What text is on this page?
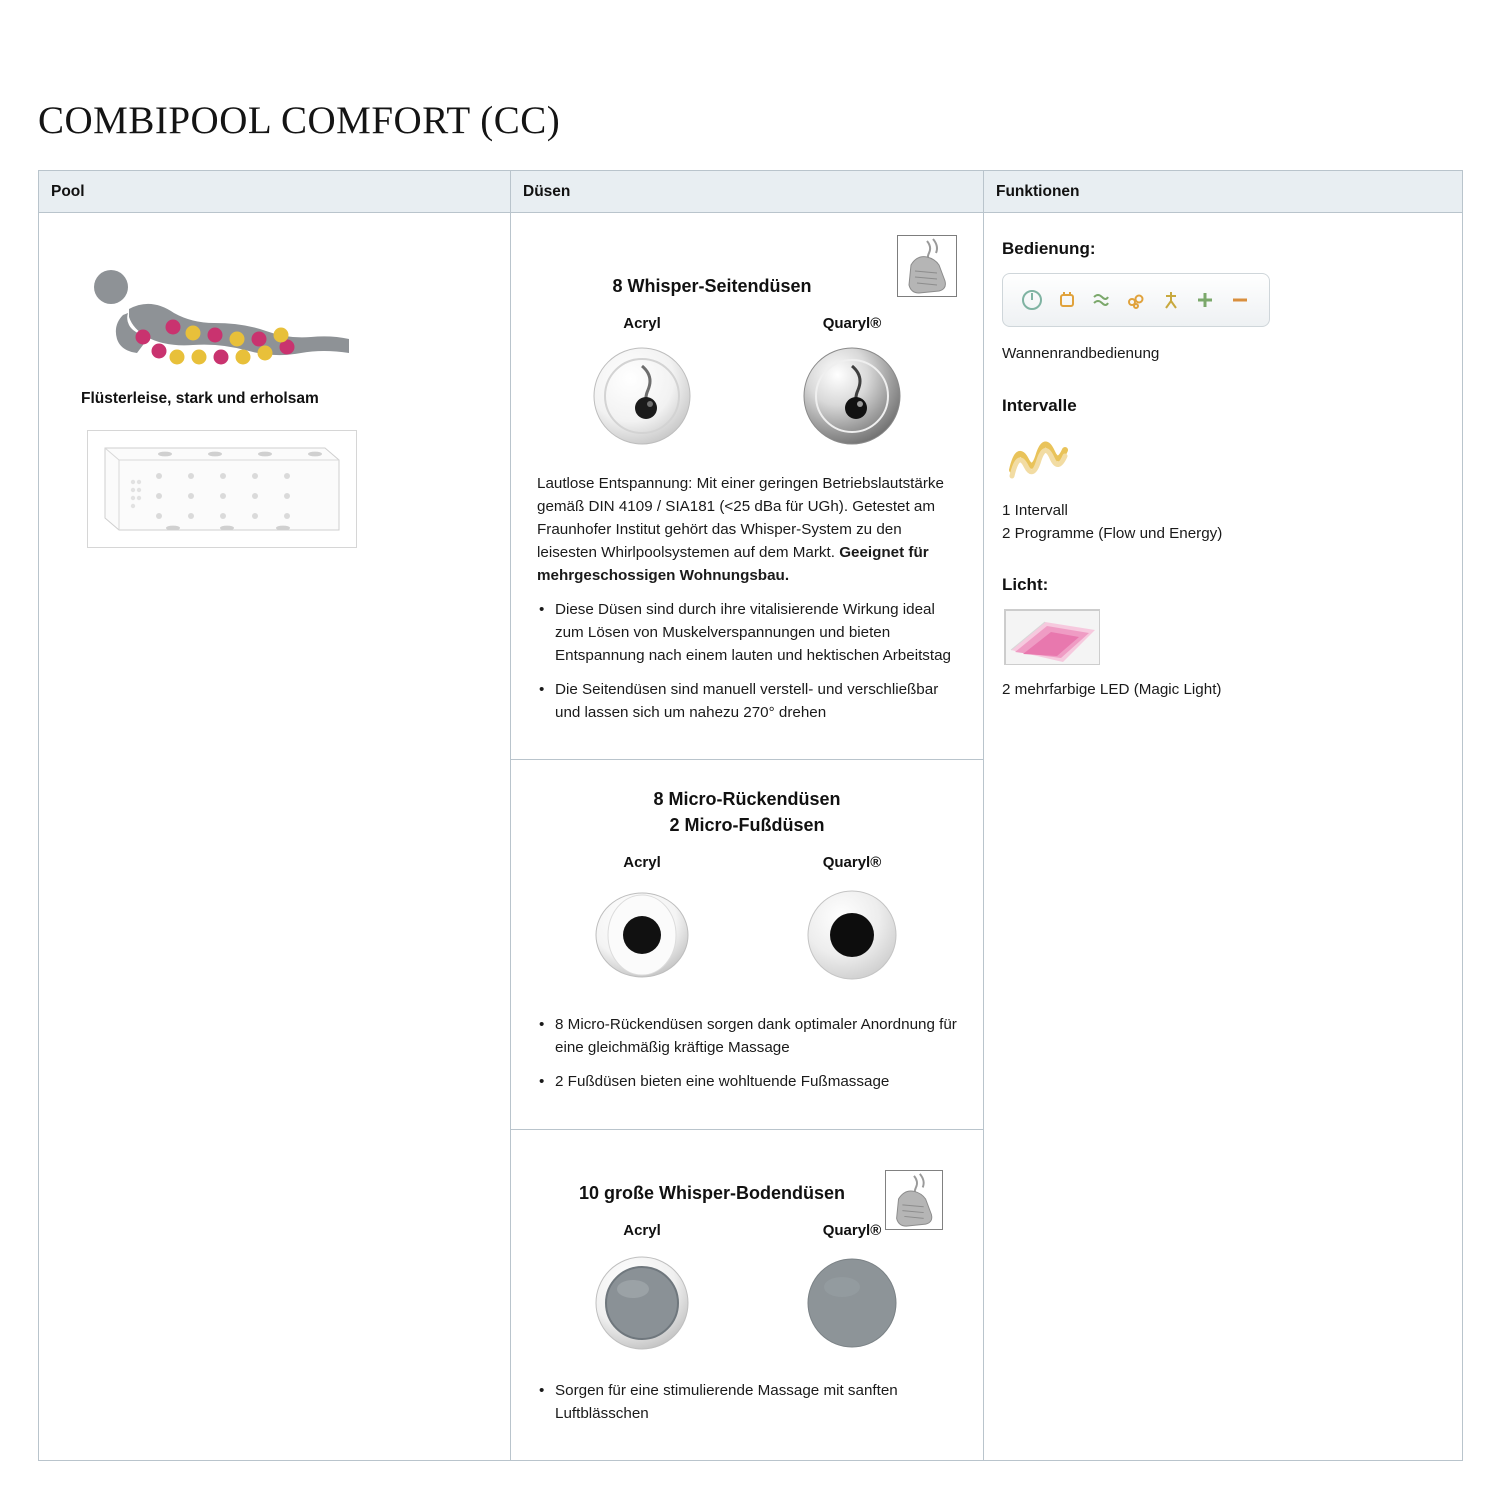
COMBIPOOL COMFORT (CC)
Pool	Düsen	Funktionen
Flüsterleise, stark und erholsam
8 Whisper-Seitendüsen
Acryl	Quaryl®
Lautlose Entspannung: Mit einer geringen Betriebslautstärke gemäß DIN 4109 / SIA181 (<25 dBa für UGh). Getestet am Fraunhofer Institut gehört das Whisper-System zu den leisesten Whirlpoolsystemen auf dem Markt. Geeignet für mehrgeschossigen Wohnungsbau.
• Diese Düsen sind durch ihre vitalisierende Wirkung ideal zum Lösen von Muskelverspannungen und bieten Entspannung nach einem lauten und hektischen Arbeitstag
• Die Seitendüsen sind manuell verstell- und verschließbar und lassen sich um nahezu 270° drehen
8 Micro-Rückendüsen
2 Micro-Fußdüsen
Acryl	Quaryl®
• 8 Micro-Rückendüsen sorgen dank optimaler Anordnung für eine gleichmäßig kräftige Massage
• 2 Fußdüsen bieten eine wohltuende Fußmassage
10 große Whisper-Bodendüsen
Acryl	Quaryl®
• Sorgen für eine stimulierende Massage mit sanften Luftblässchen
Bedienung:
Wannenrandbedienung
Intervalle
1 Intervall
2 Programme (Flow und Energy)
Licht:
2 mehrfarbige LED (Magic Light)
